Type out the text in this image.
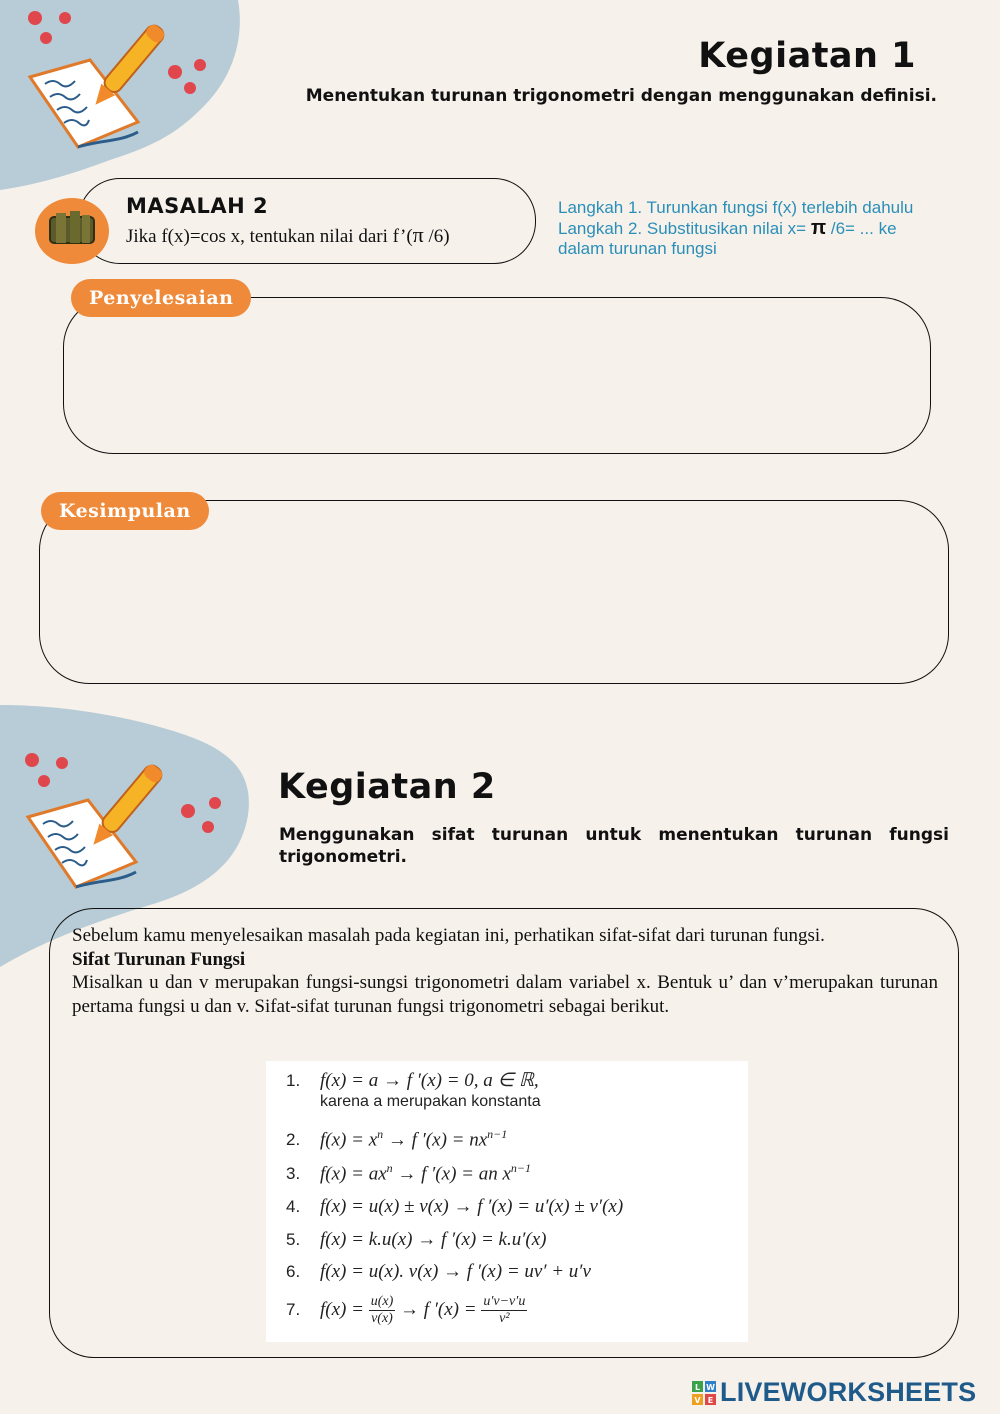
Kegiatan 1
Menentukan turunan trigonometri dengan menggunakan definisi.
MASALAH 2
Jika f(x)=cos x, tentukan nilai dari f’(π /6)
Langkah 1. Turunkan fungsi f(x) terlebih dahulu
Langkah 2. Substitusikan nilai x= π /6= ... ke
dalam turunan fungsi
Penyelesaian
Kesimpulan
Kegiatan 2
Menggunakan sifat turunan untuk menentukan turunan fungsi trigonometri.
Sebelum kamu menyelesaikan masalah pada kegiatan ini, perhatikan sifat-sifat dari turunan fungsi.
Sifat Turunan Fungsi
Misalkan u dan v merupakan fungsi-sungsi trigonometri dalam variabel x. Bentuk u’ dan v’merupakan turunan pertama fungsi u dan v. Sifat-sifat turunan fungsi trigonometri sebagai berikut.
1. f(x) = a → f ′(x) = 0, a ∈ ℝ,
karena a merupakan konstanta
2. $f(x) = x^n \to f$ $'(x) = nx^{n-1}$
3. $f(x) = ax^n \to f$ ′(x) = an $x^{n-1}$
4. f(x) = u(x) ± v(x) → f ′(x) = u′(x) ± v′(x)
5. f(x) = k.u(x) → f ′(x) = k.u′(x)
6. f(x) = u(x). v(x) → f ′(x) = uv′ + u′v
7. $f(x) = \frac{u(x)}{v(x)} \to f$ $'(x) = \frac{u'v-v'u}{\text{v²}}$
L W
V E LIVEWORKSHEETS
